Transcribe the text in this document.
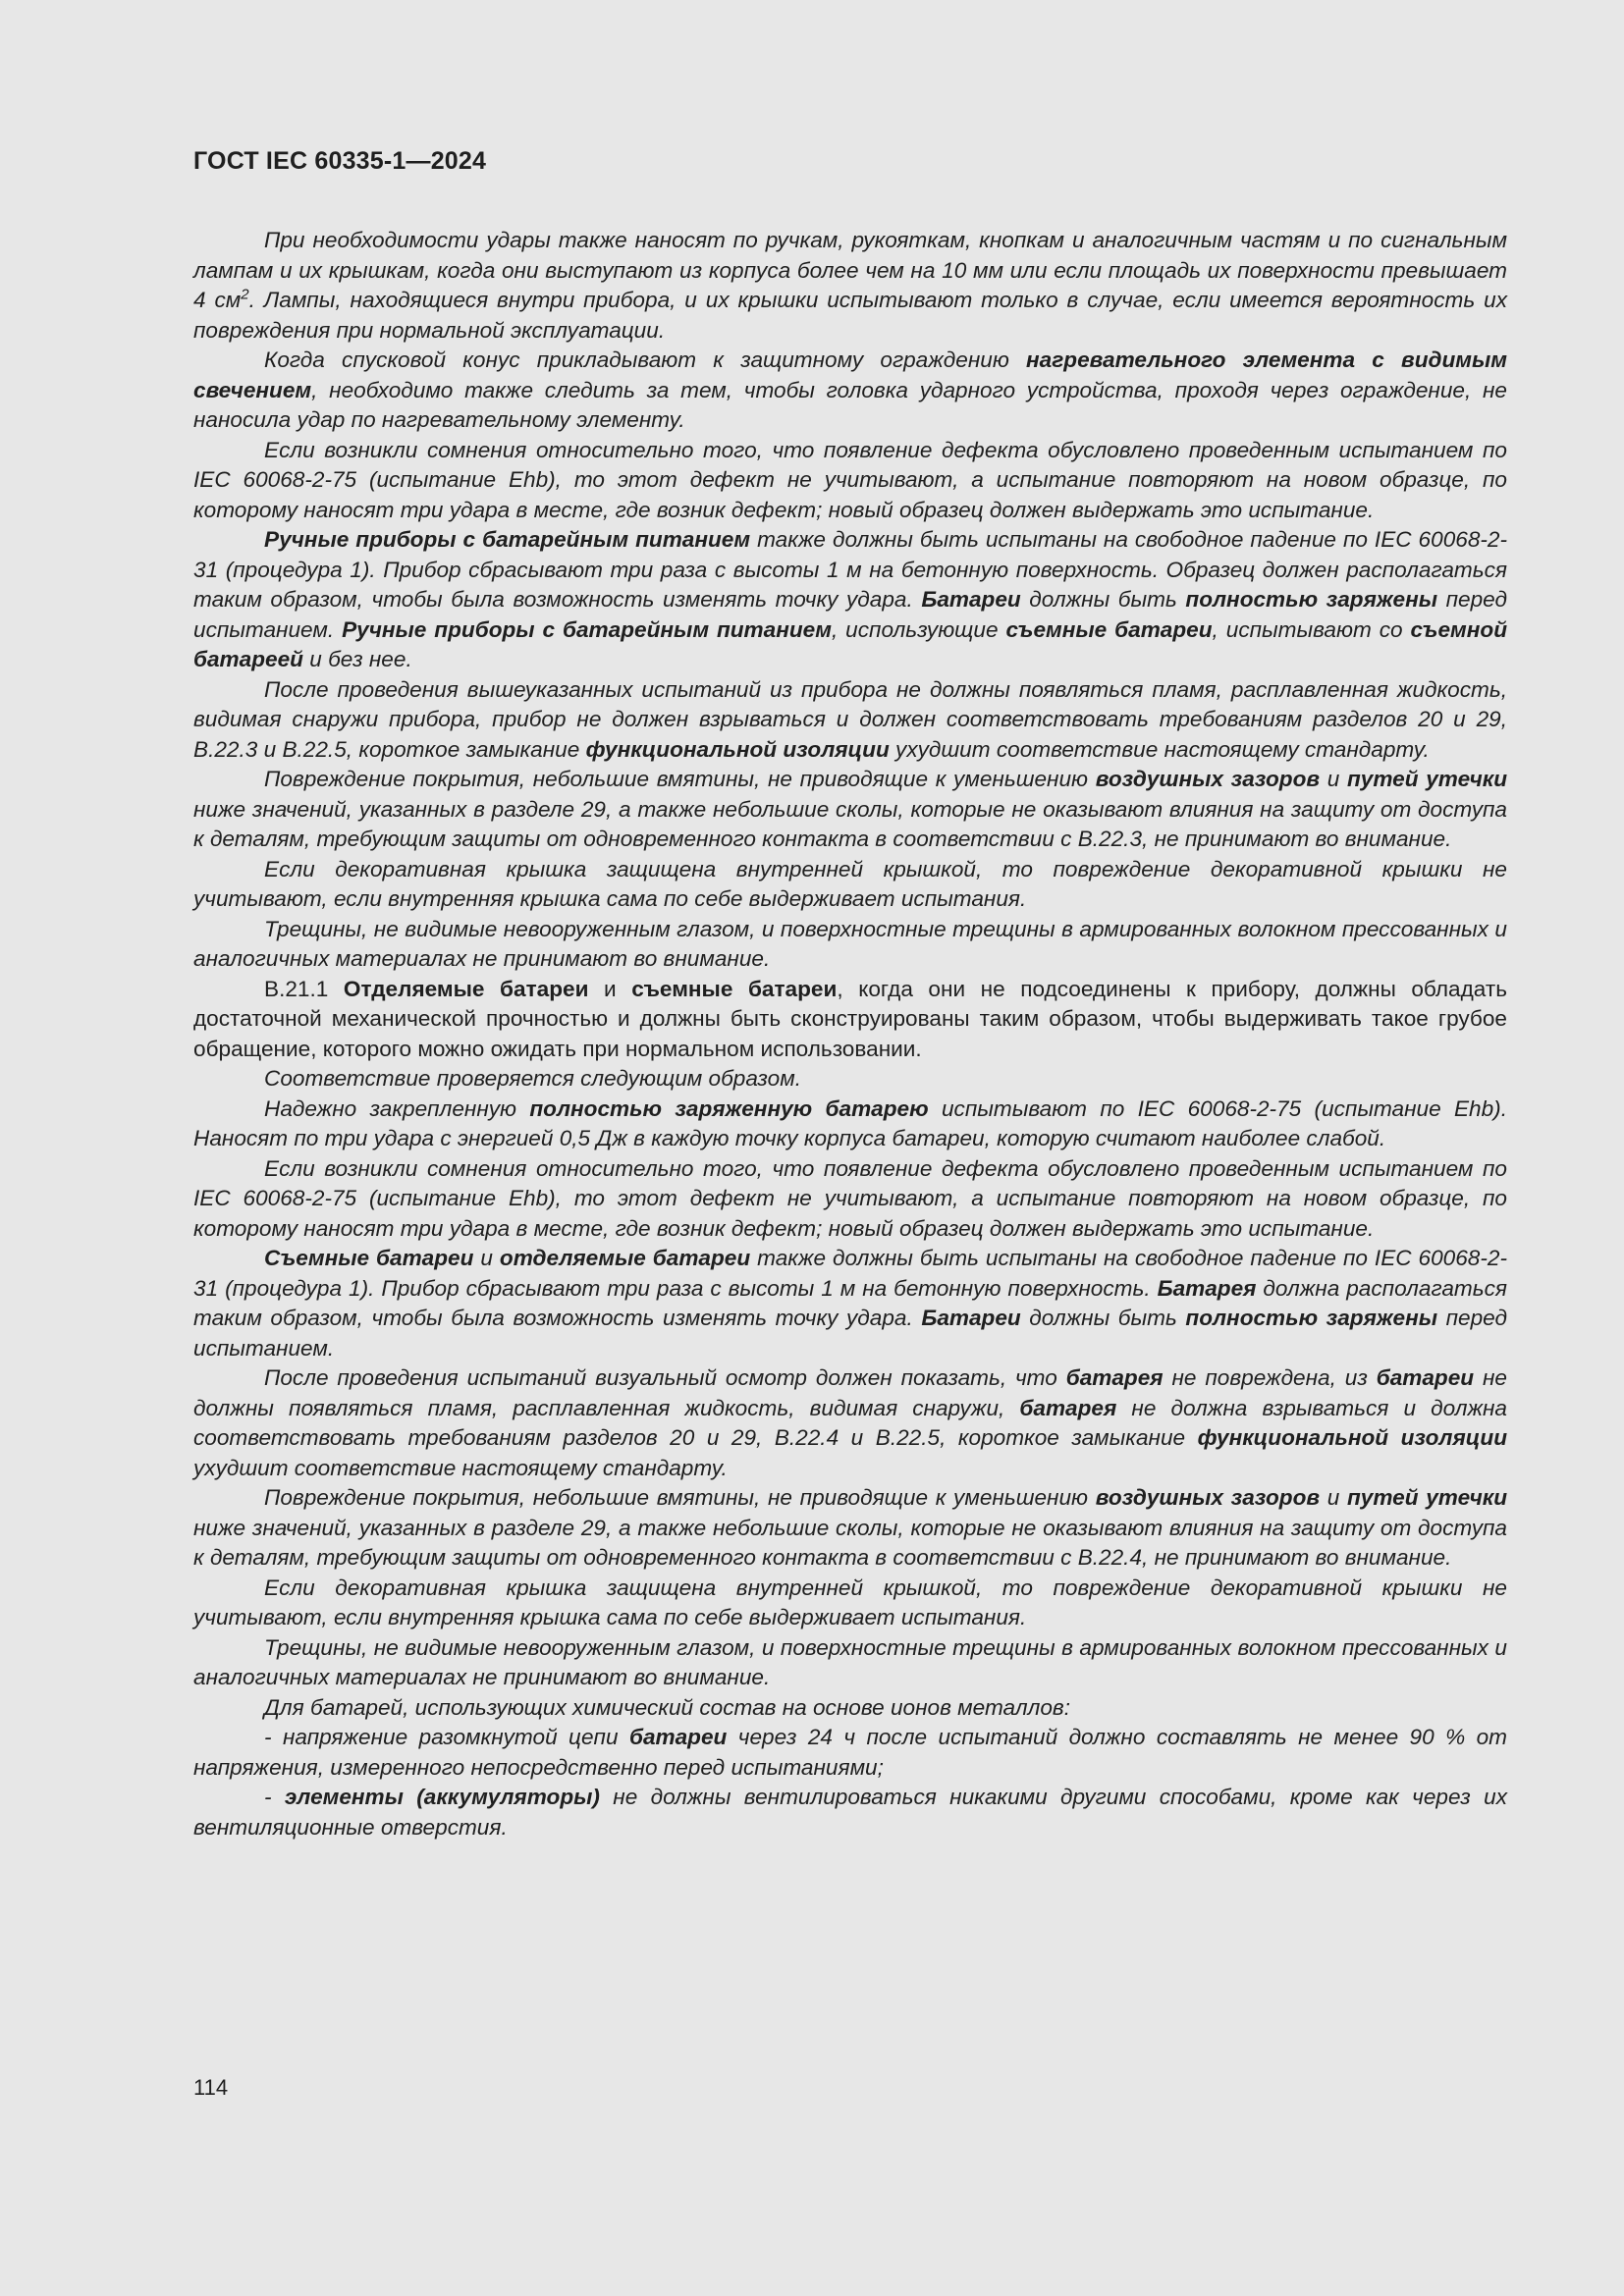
ГОСТ IEC 60335-1—2024

При необходимости удары также наносят по ручкам, рукояткам, кнопкам и аналогичным частям и по сигнальным лампам и их крышкам, когда они выступают из корпуса более чем на 10 мм или если площадь их поверхности превышает 4 $см^2$. Лампы, находящиеся внутри прибора, и их крышки испытывают только в случае, если имеется вероятность их повреждения при нормальной эксплуатации.

Когда спусковой конус прикладывают к защитному ограждению нагревательного элемента с видимым свечением, необходимо также следить за тем, чтобы головка ударного устройства, проходя через ограждение, не наносила удар по нагревательному элементу.

Если возникли сомнения относительно того, что появление дефекта обусловлено проведенным испытанием по IEC 60068-2-75 (испытание Ehb), то этот дефект не учитывают, а испытание повторяют на новом образце, по которому наносят три удара в месте, где возник дефект; новый образец должен выдержать это испытание.

Ручные приборы с батарейным питанием также должны быть испытаны на свободное падение по IEC 60068-2-31 (процедура 1). Прибор сбрасывают три раза с высоты 1 м на бетонную поверхность. Образец должен располагаться таким образом, чтобы была возможность изменять точку удара. Батареи должны быть полностью заряжены перед испытанием. Ручные приборы с батарейным питанием, использующие съемные батареи, испытывают со съемной батареей и без нее.

После проведения вышеуказанных испытаний из прибора не должны появляться пламя, расплавленная жидкость, видимая снаружи прибора, прибор не должен взрываться и должен соответствовать требованиям разделов 20 и 29, B.22.3 и B.22.5, короткое замыкание функциональной изоляции ухудшит соответствие настоящему стандарту.

Повреждение покрытия, небольшие вмятины, не приводящие к уменьшению воздушных зазоров и путей утечки ниже значений, указанных в разделе 29, а также небольшие сколы, которые не оказывают влияния на защиту от доступа к деталям, требующим защиты от одновременного контакта в соответствии с B.22.3, не принимают во внимание.

Если декоративная крышка защищена внутренней крышкой, то повреждение декоративной крышки не учитывают, если внутренняя крышка сама по себе выдерживает испытания.

Трещины, не видимые невооруженным глазом, и поверхностные трещины в армированных волокном прессованных и аналогичных материалах не принимают во внимание.

B.21.1 Отделяемые батареи и съемные батареи, когда они не подсоединены к прибору, должны обладать достаточной механической прочностью и должны быть сконструированы таким образом, чтобы выдерживать такое грубое обращение, которого можно ожидать при нормальном использовании.

Соответствие проверяется следующим образом.

Надежно закрепленную полностью заряженную батарею испытывают по IEC 60068-2-75 (испытание Ehb). Наносят по три удара с энергией 0,5 Дж в каждую точку корпуса батареи, которую считают наиболее слабой.

Если возникли сомнения относительно того, что появление дефекта обусловлено проведенным испытанием по IEC 60068-2-75 (испытание Ehb), то этот дефект не учитывают, а испытание повторяют на новом образце, по которому наносят три удара в месте, где возник дефект; новый образец должен выдержать это испытание.

Съемные батареи и отделяемые батареи также должны быть испытаны на свободное падение по IEC 60068-2-31 (процедура 1). Прибор сбрасывают три раза с высоты 1 м на бетонную поверхность. Батарея должна располагаться таким образом, чтобы была возможность изменять точку удара. Батареи должны быть полностью заряжены перед испытанием.

После проведения испытаний визуальный осмотр должен показать, что батарея не повреждена, из батареи не должны появляться пламя, расплавленная жидкость, видимая снаружи, батарея не должна взрываться и должна соответствовать требованиям разделов 20 и 29, B.22.4 и B.22.5, короткое замыкание функциональной изоляции ухудшит соответствие настоящему стандарту.

Повреждение покрытия, небольшие вмятины, не приводящие к уменьшению воздушных зазоров и путей утечки ниже значений, указанных в разделе 29, а также небольшие сколы, которые не оказывают влияния на защиту от доступа к деталям, требующим защиты от одновременного контакта в соответствии с B.22.4, не принимают во внимание.

Если декоративная крышка защищена внутренней крышкой, то повреждение декоративной крышки не учитывают, если внутренняя крышка сама по себе выдерживает испытания.

Трещины, не видимые невооруженным глазом, и поверхностные трещины в армированных волокном прессованных и аналогичных материалах не принимают во внимание.

Для батарей, использующих химический состав на основе ионов металлов:

- напряжение разомкнутой цепи батареи через 24 ч после испытаний должно составлять не менее 90 % от напряжения, измеренного непосредственно перед испытаниями;

- элементы (аккумуляторы) не должны вентилироваться никакими другими способами, кроме как через их вентиляционные отверстия.

114
